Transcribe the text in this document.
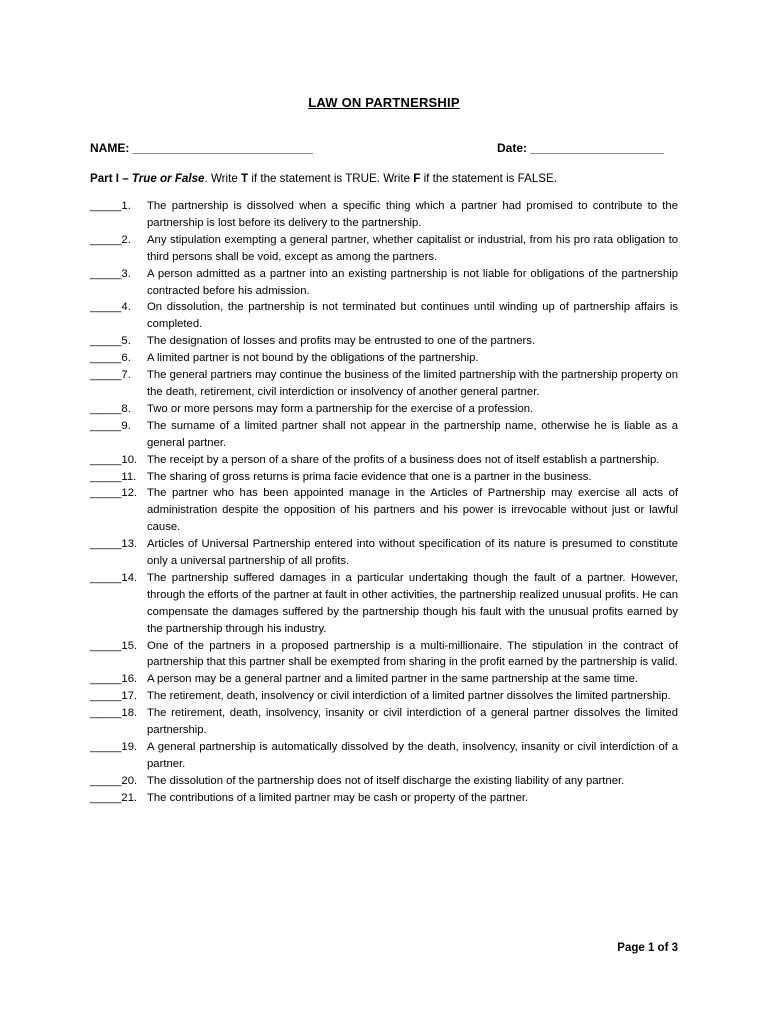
LAW ON PARTNERSHIP
NAME: ___________________________	Date: ____________________
Part I – True or False. Write T if the statement is TRUE. Write F if the statement is FALSE.
_____1.	The partnership is dissolved when a specific thing which a partner had promised to contribute to the partnership is lost before its delivery to the partnership.
_____2.	Any stipulation exempting a general partner, whether capitalist or industrial, from his pro rata obligation to third persons shall be void, except as among the partners.
_____3.	A person admitted as a partner into an existing partnership is not liable for obligations of the partnership contracted before his admission.
_____4.	On dissolution, the partnership is not terminated but continues until winding up of partnership affairs is completed.
_____5.	The designation of losses and profits may be entrusted to one of the partners.
_____6.	A limited partner is not bound by the obligations of the partnership.
_____7.	The general partners may continue the business of the limited partnership with the partnership property on the death, retirement, civil interdiction or insolvency of another general partner.
_____8.	Two or more persons may form a partnership for the exercise of a profession.
_____9.	The surname of a limited partner shall not appear in the partnership name, otherwise he is liable as a general partner.
_____10. The receipt by a person of a share of the profits of a business does not of itself establish a partnership.
_____11. The sharing of gross returns is prima facie evidence that one is a partner in the business.
_____12. The partner who has been appointed manage in the Articles of Partnership may exercise all acts of administration despite the opposition of his partners and his power is irrevocable without just or lawful cause.
_____13. Articles of Universal Partnership entered into without specification of its nature is presumed to constitute only a universal partnership of all profits.
_____14. The partnership suffered damages in a particular undertaking though the fault of a partner. However, through the efforts of the partner at fault in other activities, the partnership realized unusual profits. He can compensate the damages suffered by the partnership though his fault with the unusual profits earned by the partnership through his industry.
_____15. One of the partners in a proposed partnership is a multi-millionaire. The stipulation in the contract of partnership that this partner shall be exempted from sharing in the profit earned by the partnership is valid.
_____16. A person may be a general partner and a limited partner in the same partnership at the same time.
_____17. The retirement, death, insolvency or civil interdiction of a limited partner dissolves the limited partnership.
_____18. The retirement, death, insolvency, insanity or civil interdiction of a general partner dissolves the limited partnership.
_____19. A general partnership is automatically dissolved by the death, insolvency, insanity or civil interdiction of a partner.
_____20. The dissolution of the partnership does not of itself discharge the existing liability of any partner.
_____21. The contributions of a limited partner may be cash or property of the partner.
Page 1 of 3
